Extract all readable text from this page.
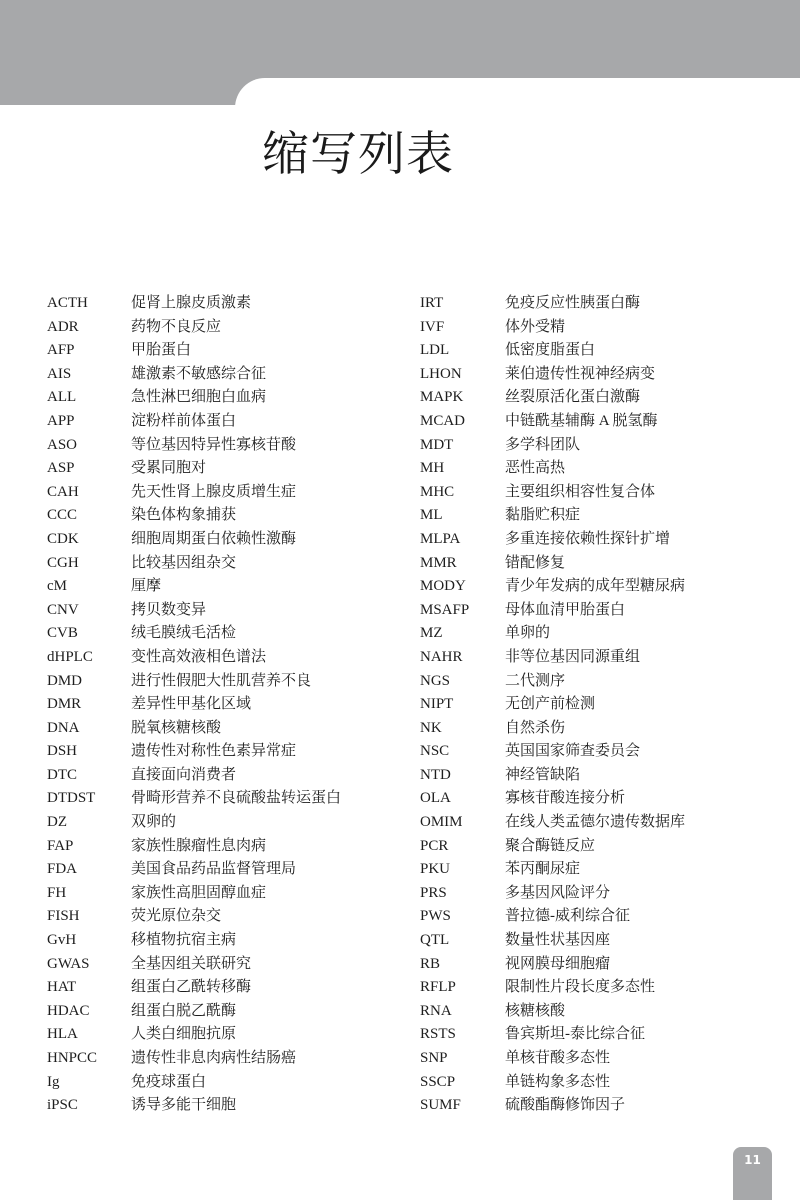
缩写列表
ACTH	促肾上腺皮质激素
ADR	药物不良反应
AFP	甲胎蛋白
AIS	雄激素不敏感综合征
ALL	急性淋巴细胞白血病
APP	淀粉样前体蛋白
ASO	等位基因特异性寡核苷酸
ASP	受累同胞对
CAH	先天性肾上腺皮质增生症
CCC	染色体构象捕获
CDK	细胞周期蛋白依赖性激酶
CGH	比较基因组杂交
cM	厘摩
CNV	拷贝数变异
CVB	绒毛膜绒毛活检
dHPLC	变性高效液相色谱法
DMD	进行性假肥大性肌营养不良
DMR	差异性甲基化区域
DNA	脱氧核糖核酸
DSH	遗传性对称性色素异常症
DTC	直接面向消费者
DTDST	骨畸形营养不良硫酸盐转运蛋白
DZ	双卵的
FAP	家族性腺瘤性息肉病
FDA	美国食品药品监督管理局
FH	家族性高胆固醇血症
FISH	荧光原位杂交
GvH	移植物抗宿主病
GWAS	全基因组关联研究
HAT	组蛋白乙酰转移酶
HDAC	组蛋白脱乙酰酶
HLA	人类白细胞抗原
HNPCC	遗传性非息肉病性结肠癌
Ig	免疫球蛋白
iPSC	诱导多能干细胞
IRT	免疫反应性胰蛋白酶
IVF	体外受精
LDL	低密度脂蛋白
LHON	莱伯遗传性视神经病变
MAPK	丝裂原活化蛋白激酶
MCAD	中链酰基辅酶 A 脱氢酶
MDT	多学科团队
MH	恶性高热
MHC	主要组织相容性复合体
ML	黏脂贮积症
MLPA	多重连接依赖性探针扩增
MMR	错配修复
MODY	青少年发病的成年型糖尿病
MSAFP	母体血清甲胎蛋白
MZ	单卵的
NAHR	非等位基因同源重组
NGS	二代测序
NIPT	无创产前检测
NK	自然杀伤
NSC	英国国家筛查委员会
NTD	神经管缺陷
OLA	寡核苷酸连接分析
OMIM	在线人类孟德尔遗传数据库
PCR	聚合酶链反应
PKU	苯丙酮尿症
PRS	多基因风险评分
PWS	普拉德-威利综合征
QTL	数量性状基因座
RB	视网膜母细胞瘤
RFLP	限制性片段长度多态性
RNA	核糖核酸
RSTS	鲁宾斯坦-泰比综合征
SNP	单核苷酸多态性
SSCP	单链构象多态性
SUMF	硫酸酯酶修饰因子
11
